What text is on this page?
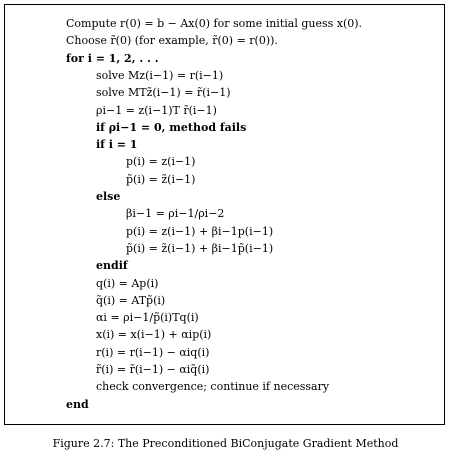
Compute r(0) = b − Ax(0) for some initial guess x(0).
Choose r̃(0) (for example, r̃(0) = r(0)).
for i = 1, 2, . . .
solve Mz(i−1) = r(i−1)
solve MTz̃(i−1) = r̃(i−1)
ρi−1 = z(i−1)T r̃(i−1)
if ρi−1 = 0, method fails
if i = 1
p(i) = z(i−1)
p̃(i) = z̃(i−1)
else
βi−1 = ρi−1/ρi−2
p(i) = z(i−1) + βi−1p(i−1)
p̃(i) = z̃(i−1) + βi−1p̃(i−1)
endif
q(i) = Ap(i)
q̃(i) = ATp̃(i)
αi = ρi−1/p̃(i)Tq(i)
x(i) = x(i−1) + αip(i)
r(i) = r(i−1) − αiq(i)
r̃(i) = r̃(i−1) − αiq̃(i)
check convergence; continue if necessary
end
Figure 2.7: The Preconditioned BiConjugate Gradient Method
